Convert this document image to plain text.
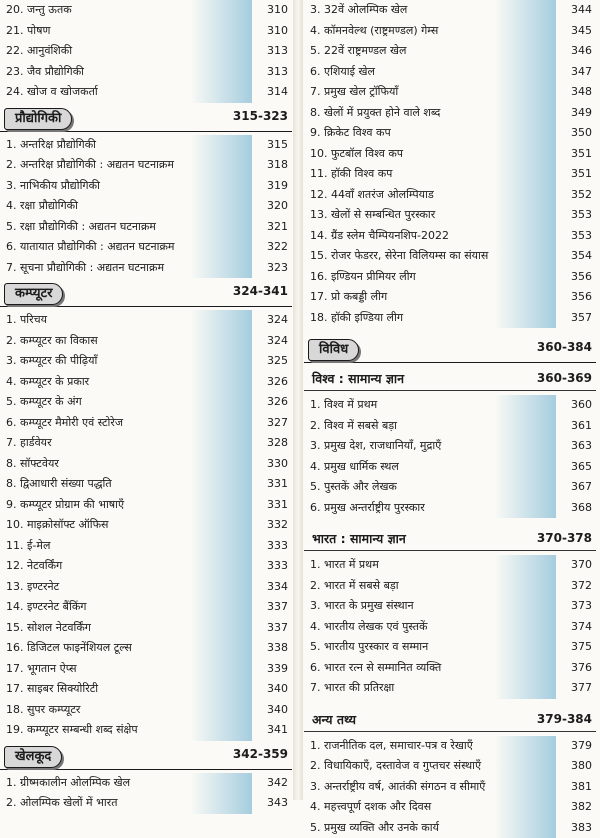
20. जन्तु ऊतक	310
21. पोषण	310
22. आनुवंशिकी	313
23. जैव प्रौद्योगिकी	313
24. खोज व खोजकर्ता	314
प्रौद्योगिकी	315-323
1. अन्तरिक्ष प्रौद्योगिकी	315
2. अन्तरिक्ष प्रौद्योगिकी : अद्यतन घटनाक्रम	318
3. नाभिकीय प्रौद्योगिकी	319
4. रक्षा प्रौद्योगिकी	320
5. रक्षा प्रौद्योगिकी : अद्यतन घटनाक्रम	321
6. यातायात प्रौद्योगिकी : अद्यतन घटनाक्रम	322
7. सूचना प्रौद्योगिकी : अद्यतन घटनाक्रम	323
कम्प्यूटर	324-341
1. परिचय	324
2. कम्प्यूटर का विकास	324
3. कम्प्यूटर की पीढ़ियाँ	325
4. कम्प्यूटर के प्रकार	326
5. कम्प्यूटर के अंग	326
6. कम्प्यूटर मैमोरी एवं स्टोरेज	327
7. हार्डवेयर	328
8. सॉफ्टवेयर	330
8. द्विआधारी संख्या पद्धति	331
9. कम्प्यूटर प्रोग्राम की भाषाएँ	331
10. माइक्रोसॉफ्ट ऑफिस	332
11. ई-मेल	333
12. नेटवर्किंग	333
13. इण्टरनेट	334
14. इण्टरनेट बैंकिंग	337
15. सोशल नेटवर्किंग	337
16. डिजिटल फाइनेंशियल टूल्स	338
17. भूगतान ऐप्स	339
17. साइबर सिक्योरिटी	340
18. सुपर कम्प्यूटर	340
19. कम्प्यूटर सम्बन्धी शब्द संक्षेप	341
खेलकूद	342-359
1. ग्रीष्मकालीन ओलम्पिक खेल	342
2. ओलम्पिक खेलों में भारत	343
3. 32वें ओलम्पिक खेल	344
4. कॉमनवेल्थ (राष्ट्रमण्डल) गेम्स	345
5. 22वें राष्ट्रमण्डल खेल	346
6. एशियाई खेल	347
7. प्रमुख खेल ट्रॉफियाँ	348
8. खेलों में प्रयुक्त होने वाले शब्द	349
9. क्रिकेट विश्व कप	350
10. फुटबॉल विश्व कप	351
11. हॉकी विश्व कप	351
12. 44वाँ शतरंज ओलम्पियाड	352
13. खेलों से सम्बन्धित पुरस्कार	353
14. ग्रैंड स्लेम चैम्पियनशिप-2022	353
15. रोजर फेडरर, सेरेना विलियम्स का संयास	354
16. इण्डियन प्रीमियर लीग	356
17. प्रो कबड्डी लीग	356
18. हॉकी इण्डिया लीग	357
विविध	360-384
विश्व : सामान्य ज्ञान	360-369
1. विश्व में प्रथम	360
2. विश्व में सबसे बड़ा	361
3. प्रमुख देश, राजधानियाँ, मुद्राएँ	363
4. प्रमुख धार्मिक स्थल	365
5. पुस्तकें और लेखक	367
6. प्रमुख अन्तर्राष्ट्रीय पुरस्कार	368
भारत : सामान्य ज्ञान	370-378
1. भारत में प्रथम	370
2. भारत में सबसे बड़ा	372
3. भारत के प्रमुख संस्थान	373
4. भारतीय लेखक एवं पुस्तकें	374
5. भारतीय पुरस्कार व सम्मान	375
6. भारत रत्न से सम्मानित व्यक्ति	376
7. भारत की प्रतिरक्षा	377
अन्य तथ्य	379-384
1. राजनीतिक दल, समाचार-पत्र व रेखाएँ	379
2. विधायिकाएँ, दस्तावेज व गुप्तचर संस्थाएँ	380
3. अन्तर्राष्ट्रीय वर्ष, आतंकी संगठन व सीमाएँ	381
4. महत्त्वपूर्ण दशक और दिवस	382
5. प्रमुख व्यक्ति और उनके कार्य	383
